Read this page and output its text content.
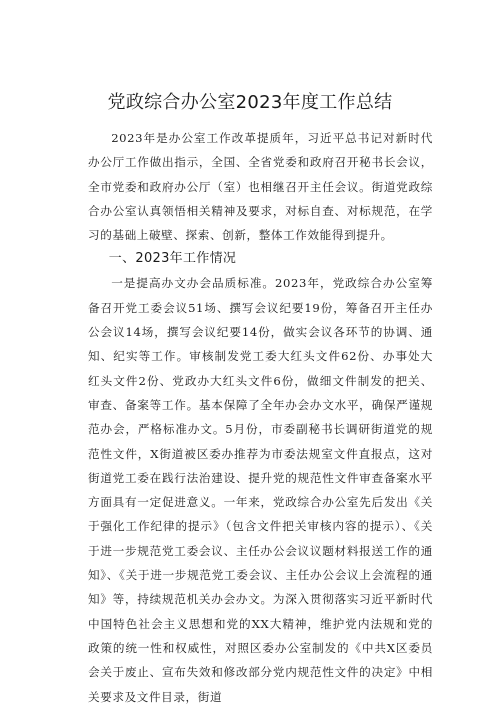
党政综合办公室2023年度工作总结

2023年是办公室工作改革提质年，习近平总书记对新时代办公厅工作做出指示，全国、全省党委和政府召开秘书长会议，全市党委和政府办公厅（室）也相继召开主任会议。街道党政综合办公室认真领悟相关精神及要求，对标自查、对标规范，在学习的基础上破壁、探索、创新，整体工作效能得到提升。

一、2023年工作情况

一是提高办文办会品质标准。2023年，党政综合办公室筹备召开党工委会议51场、撰写会议纪要19份，筹备召开主任办公会议14场，撰写会议纪要14份，做实会议各环节的协调、通知、纪实等工作。审核制发党工委大红头文件62份、办事处大红头文件2份、党政办大红头文件6份，做细文件制发的把关、审查、备案等工作。基本保障了全年办会办文水平，确保严谨规范办会，严格标准办文。5月份，市委副秘书长调研街道党的规范性文件，X街道被区委办推荐为市委法规室文件直报点，这对街道党工委在践行法治建设、提升党的规范性文件审查备案水平方面具有一定促进意义。一年来，党政综合办公室先后发出《关于强化工作纪律的提示》（包含文件把关审核内容的提示）、《关于进一步规范党工委会议、主任办公会议议题材料报送工作的通知》、《关于进一步规范党工委会议、主任办公会议上会流程的通知》等，持续规范机关办会办文。为深入贯彻落实习近平新时代中国特色社会主义思想和党的XX大精神，维护党内法规和党的政策的统一性和权威性，对照区委办公室制发的《中共X区委员会关于废止、宣布失效和修改部分党内规范性文件的决定》中相关要求及文件目录，街道
